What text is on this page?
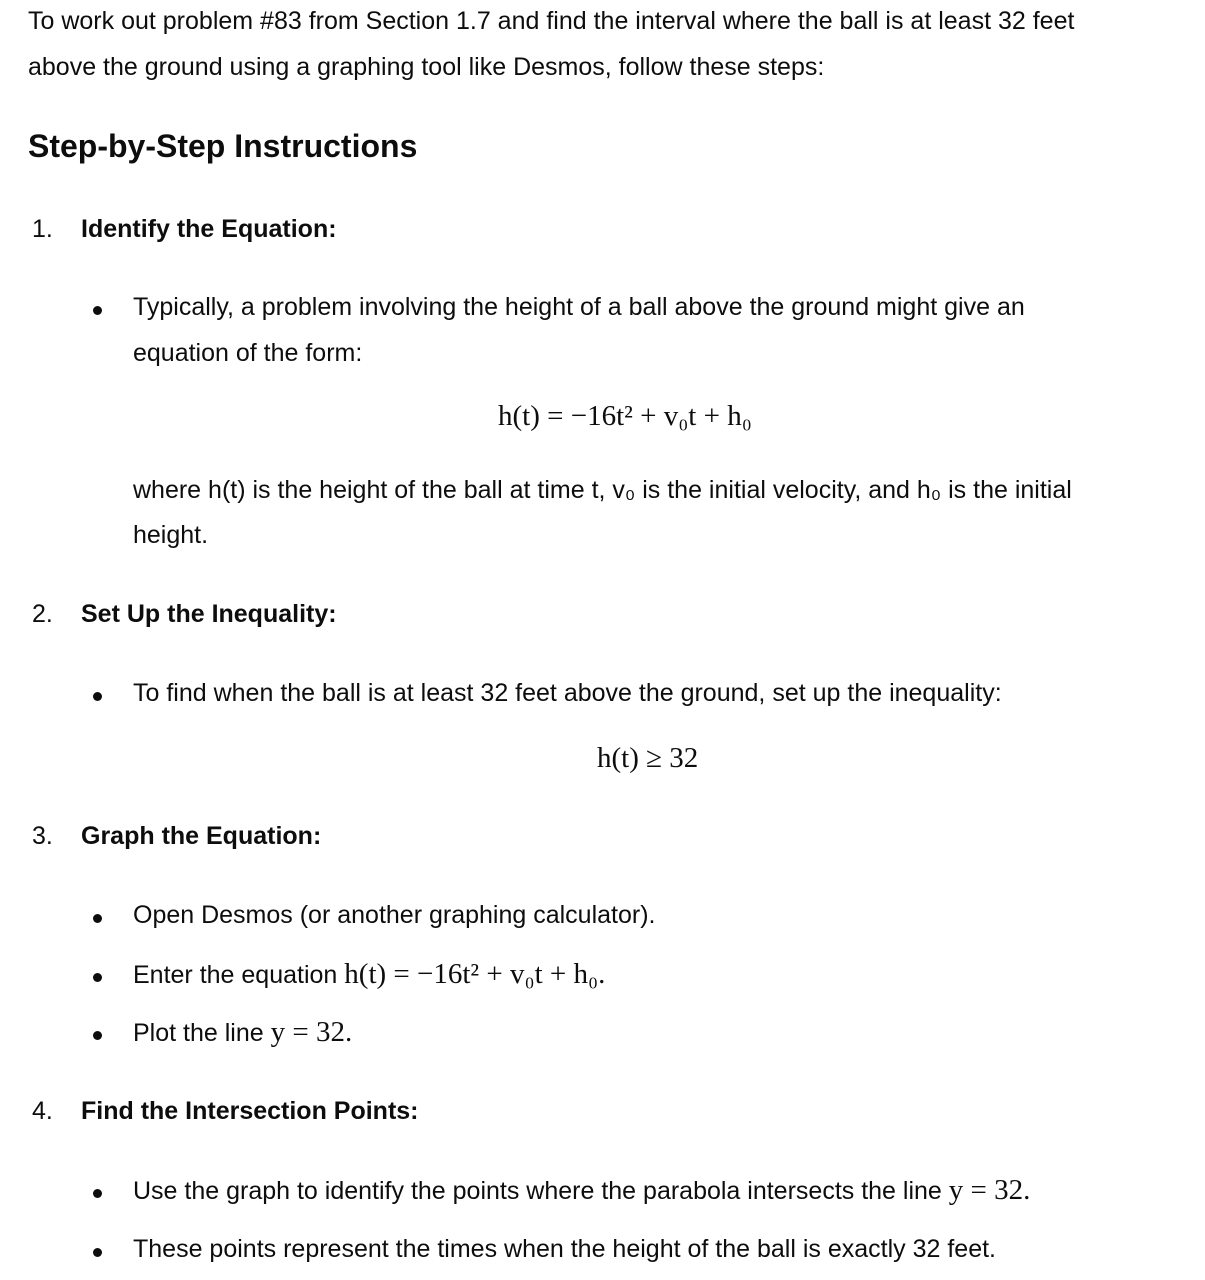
To work out problem #83 from Section 1.7 and find the interval where the ball is at least 32 feet
above the ground using a graphing tool like Desmos, follow these steps:
Step-by-Step Instructions
1. Identify the Equation:
Typically, a problem involving the height of a ball above the ground might give an
equation of the form:
h(t) = −16t² + v₀t + h₀
where h(t) is the height of the ball at time t, v₀ is the initial velocity, and h₀ is the initial
height.
2. Set Up the Inequality:
To find when the ball is at least 32 feet above the ground, set up the inequality:
h(t) ≥ 32
3. Graph the Equation:
Open Desmos (or another graphing calculator).
Enter the equation h(t) = −16t² + v₀t + h₀.
Plot the line y = 32.
4. Find the Intersection Points:
Use the graph to identify the points where the parabola intersects the line y = 32.
These points represent the times when the height of the ball is exactly 32 feet.
